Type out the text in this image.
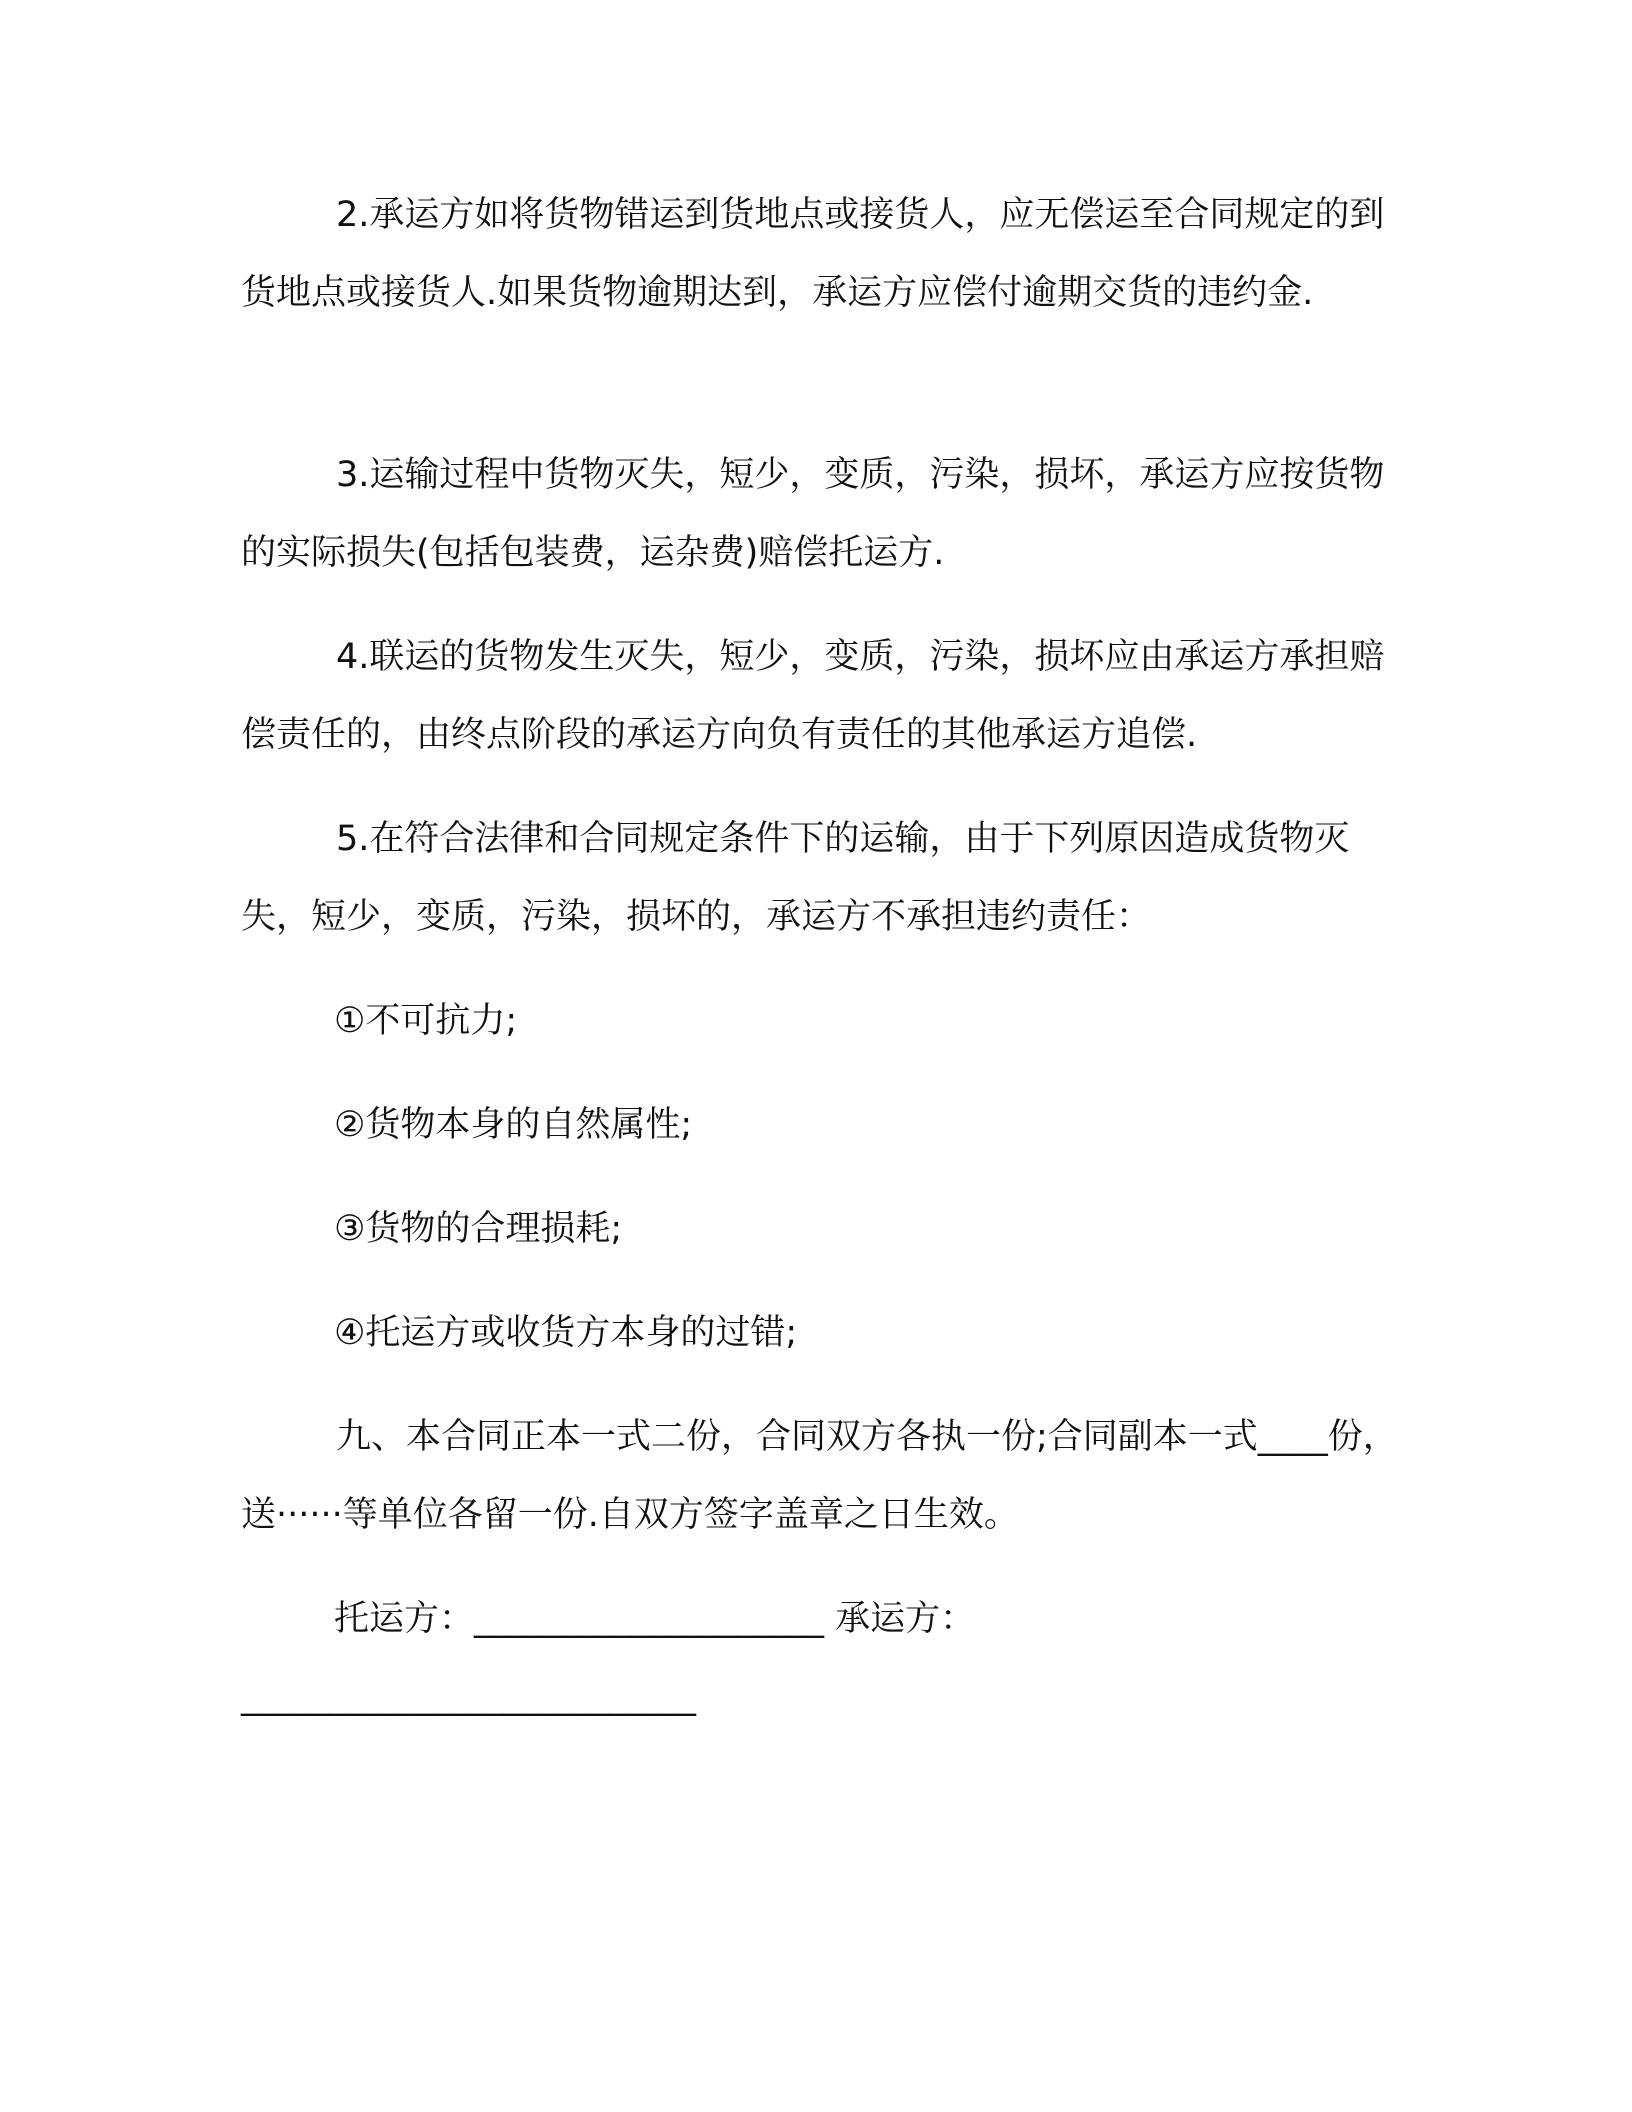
2.承运方如将货物错运到货地点或接货人，应无偿运至合同规定的到货地点或接货人.如果货物逾期达到，承运方应偿付逾期交货的违约金.

3.运输过程中货物灭失，短少，变质，污染，损坏，承运方应按货物的实际损失(包括包装费，运杂费)赔偿托运方.

4.联运的货物发生灭失，短少，变质，污染，损坏应由承运方承担赔偿责任的，由终点阶段的承运方向负有责任的其他承运方追偿.

5.在符合法律和合同规定条件下的运输，由于下列原因造成货物灭失，短少，变质，污染，损坏的，承运方不承担违约责任：

①不可抗力;

②货物本身的自然属性;

③货物的合理损耗;

④托运方或收货方本身的过错;

九、本合同正本一式二份，合同双方各执一份;合同副本一式____份，送······等单位各留一份.自双方签字盖章之日生效。

托运方：____________________ 承运方：

__________________________
